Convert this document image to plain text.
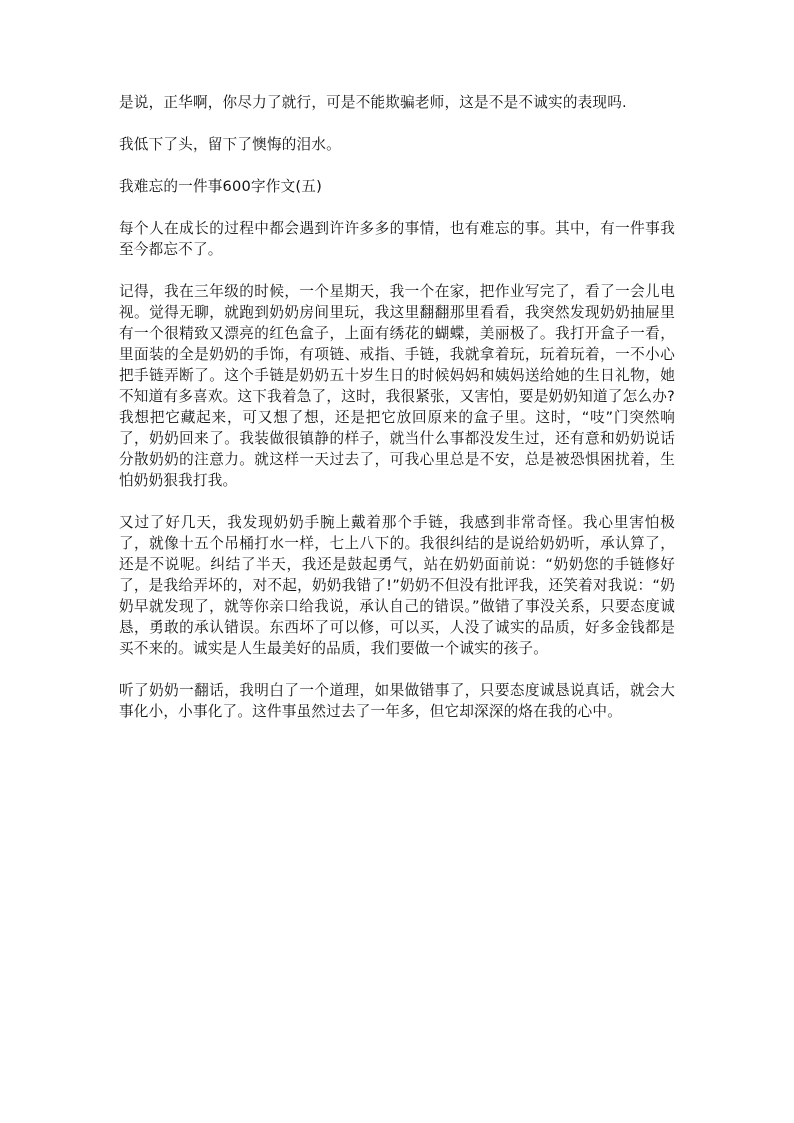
是说，正华啊，你尽力了就行，可是不能欺骗老师，这是不是不诚实的表现吗.

我低下了头，留下了懊悔的泪水。

我难忘的一件事600字作文(五)

每个人在成长的过程中都会遇到许许多多的事情，也有难忘的事。其中，有一件事我至今都忘不了。

记得，我在三年级的时候，一个星期天，我一个在家，把作业写完了，看了一会儿电视。觉得无聊，就跑到奶奶房间里玩，我这里翻翻那里看看，我突然发现奶奶抽屉里有一个很精致又漂亮的红色盒子，上面有绣花的蝴蝶，美丽极了。我打开盒子一看，里面装的全是奶奶的手饰，有项链、戒指、手链，我就拿着玩，玩着玩着，一不小心把手链弄断了。这个手链是奶奶五十岁生日的时候妈妈和姨妈送给她的生日礼物，她不知道有多喜欢。这下我着急了，这时，我很紧张，又害怕，要是奶奶知道了怎么办?我想把它藏起来，可又想了想，还是把它放回原来的盒子里。这时，“吱”门突然响了，奶奶回来了。我装做很镇静的样子，就当什么事都没发生过，还有意和奶奶说话分散奶奶的注意力。就这样一天过去了，可我心里总是不安，总是被恐惧困扰着，生怕奶奶狠我打我。

又过了好几天，我发现奶奶手腕上戴着那个手链，我感到非常奇怪。我心里害怕极了，就像十五个吊桶打水一样，七上八下的。我很纠结的是说给奶奶听，承认算了，还是不说呢。纠结了半天，我还是鼓起勇气，站在奶奶面前说：“奶奶您的手链修好了，是我给弄坏的，对不起，奶奶我错了!”奶奶不但没有批评我，还笑着对我说：“奶奶早就发现了，就等你亲口给我说，承认自己的错误。”做错了事没关系，只要态度诚恳，勇敢的承认错误。东西坏了可以修，可以买，人没了诚实的品质，好多金钱都是买不来的。诚实是人生最美好的品质，我们要做一个诚实的孩子。

听了奶奶一翻话，我明白了一个道理，如果做错事了，只要态度诚恳说真话，就会大事化小，小事化了。这件事虽然过去了一年多，但它却深深的烙在我的心中。
